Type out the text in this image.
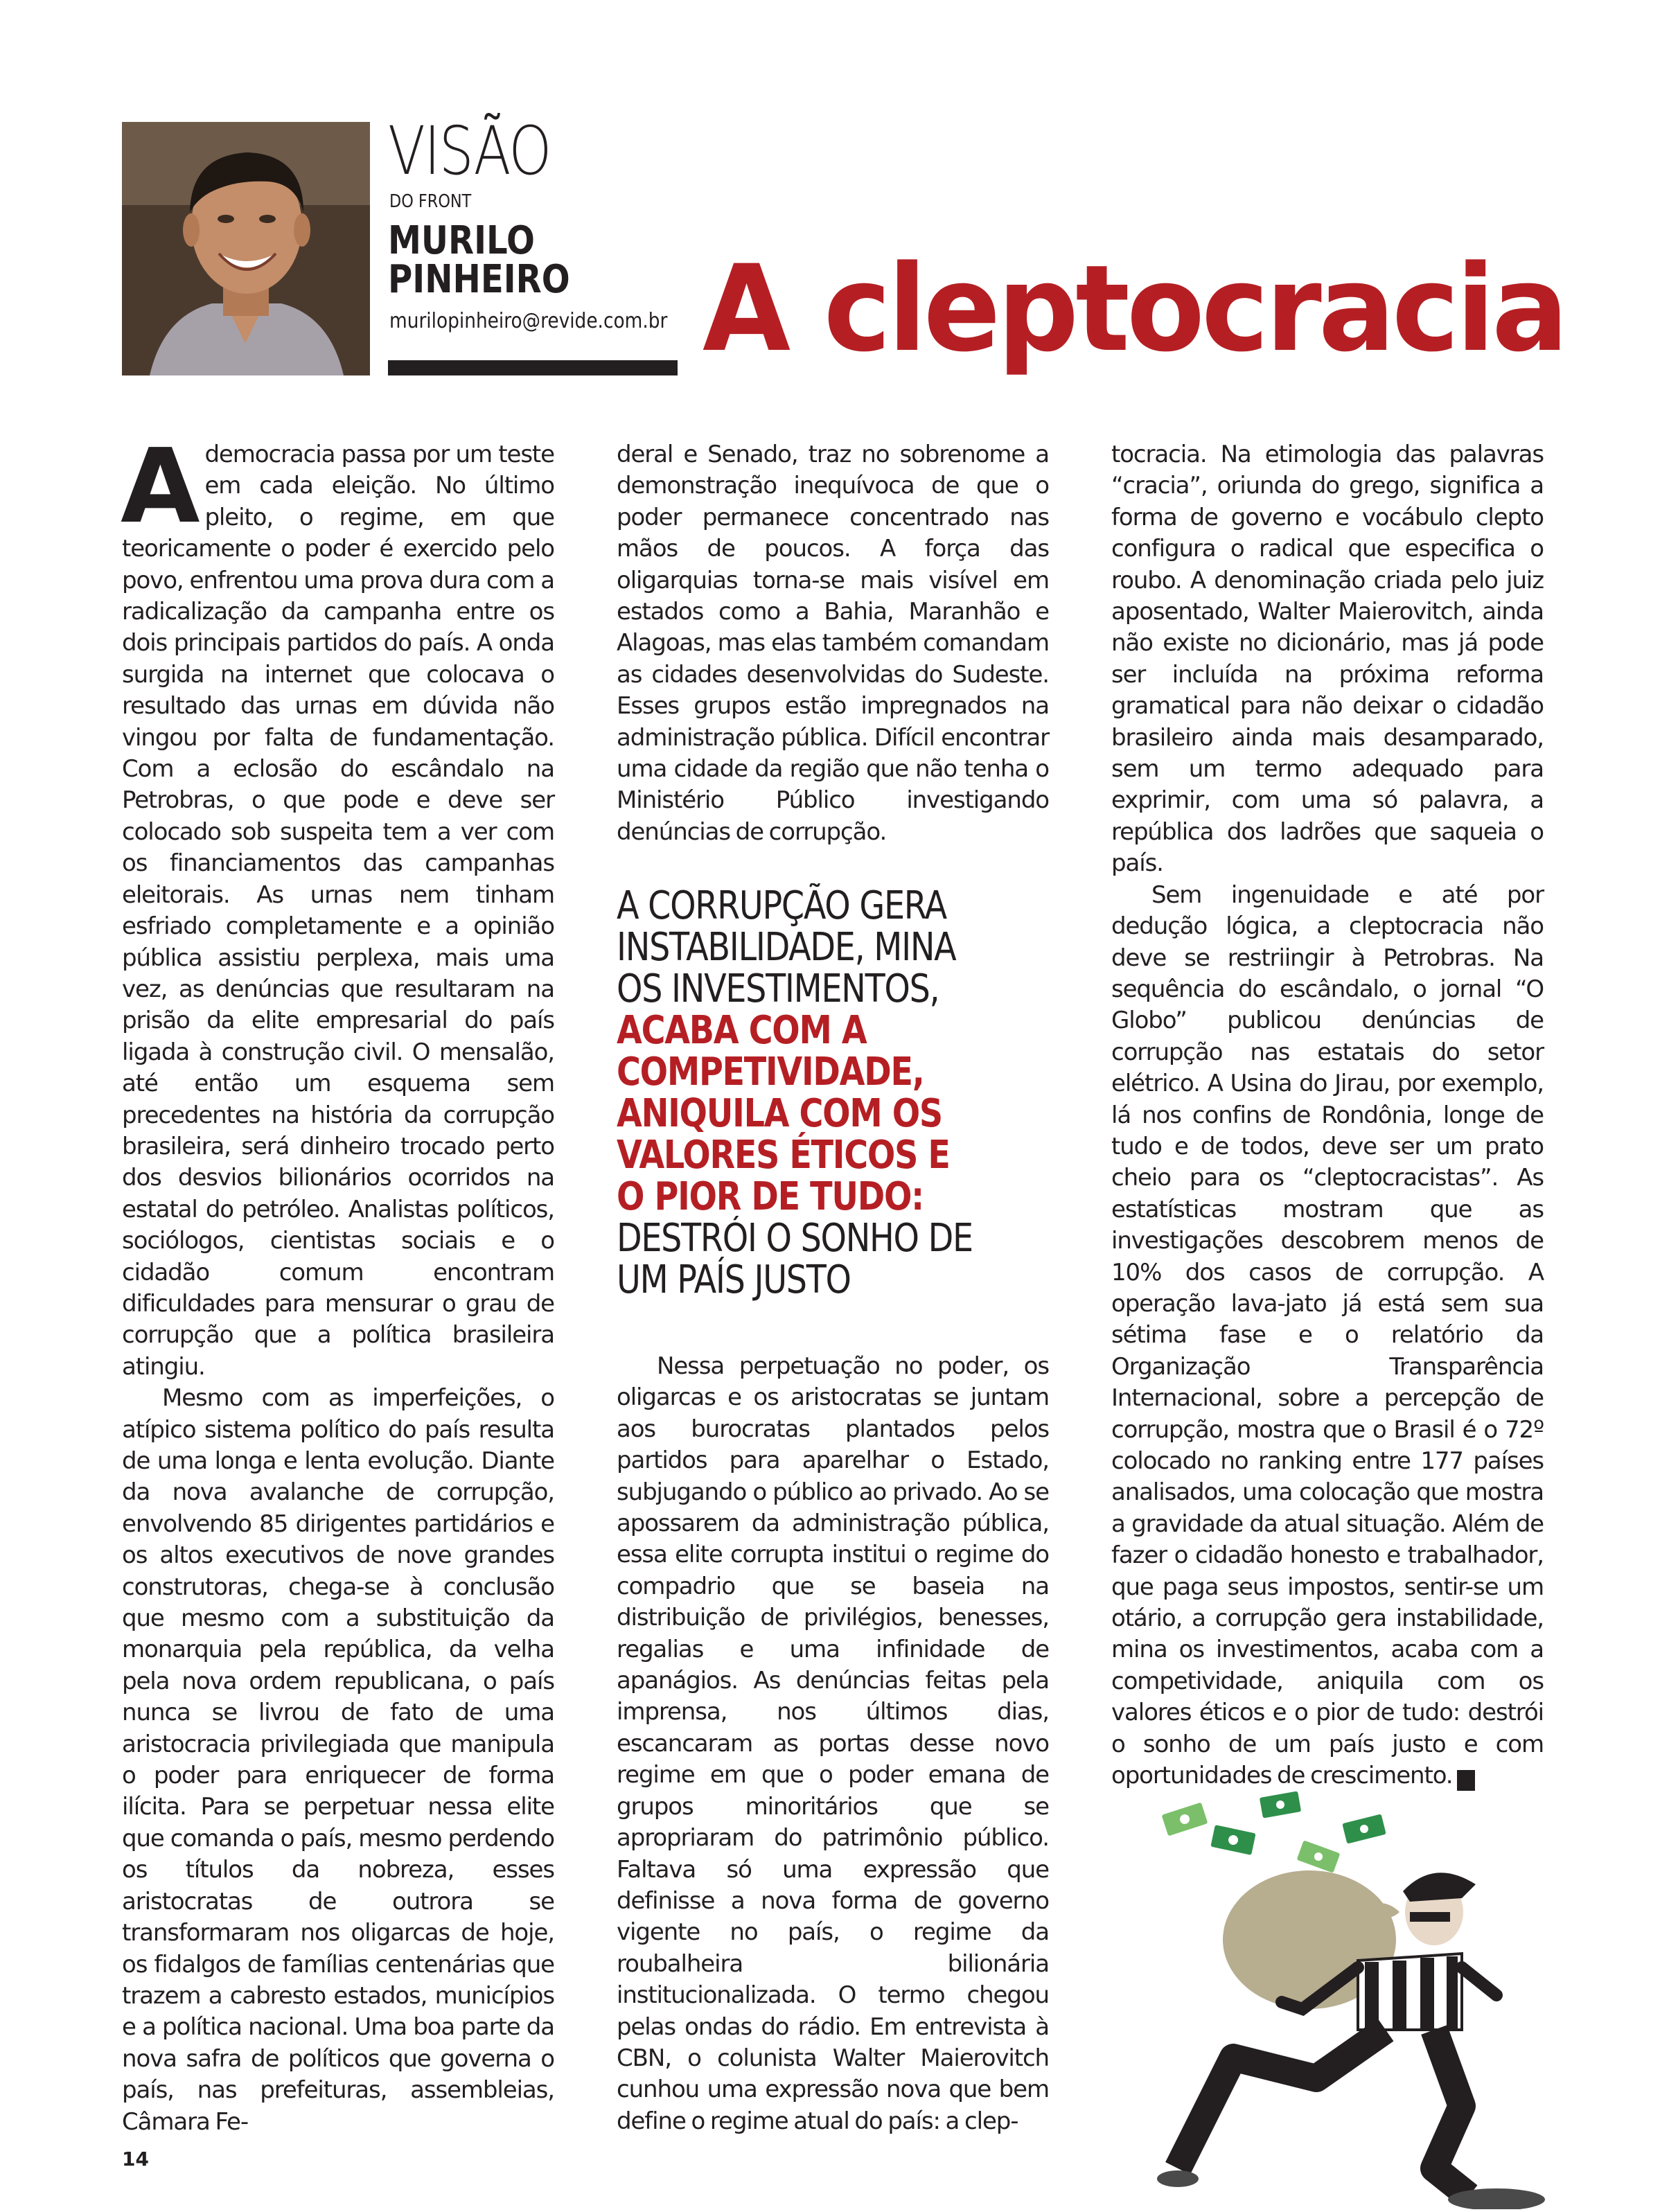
VISÃO
DO FRONT
MURILO
PINHEIRO
murilopinheiro@revide.com.br A cleptocracia
Ademocracia passa por um teste em cada eleição. No último pleito, o regime, em que teoricamente o poder é exercido pelo povo, enfrentou uma prova dura com a radicalização da campanha entre os dois principais partidos do país. A onda surgida na internet que colocava o resultado das urnas em dúvida não vingou por falta de fundamentação. Com a eclosão do escândalo na Petrobras, o que pode e deve ser colocado sob suspeita tem a ver com os financiamentos das campanhas eleitorais. As urnas nem tinham esfriado completamente e a opinião pública assistiu perplexa, mais uma vez, as denúncias que resultaram na prisão da elite empresarial do país ligada à construção civil. O mensalão, até então um esquema sem precedentes na história da corrupção brasileira, será dinheiro trocado perto dos desvios bilionários ocorridos na estatal do petróleo. Analistas políticos, sociólogos, cientistas sociais e o cidadão comum encontram dificuldades para mensurar o grau de corrupção que a política brasileira atingiu.
Mesmo com as imperfeições, o atípico sistema político do país resulta de uma longa e lenta evolução. Diante da nova avalanche de corrupção, envolvendo 85 dirigentes partidários e os altos executivos de nove grandes construtoras, chega-se à conclusão que mesmo com a substituição da monarquia pela república, da velha pela nova ordem republicana, o país nunca se livrou de fato de uma aristocracia privilegiada que manipula o poder para enriquecer de forma ilícita. Para se perpetuar nessa elite que comanda o país, mesmo perdendo os títulos da nobreza, esses aristocratas de outrora se transformaram nos oligarcas de hoje, os fidalgos de famílias centenárias que trazem a cabresto estados, municípios e a política nacional. Uma boa parte da nova safra de políticos que governa o país, nas prefeituras, assembleias, Câmara Fe-
deral e Senado, traz no sobrenome a demonstração inequívoca de que o poder permanece concentrado nas mãos de poucos. A força das oligarquias torna-se mais visível em estados como a Bahia, Maranhão e Alagoas, mas elas também comandam as cidades desenvolvidas do Sudeste. Esses grupos estão impregnados na administração pública. Difícil encontrar uma cidade da região que não tenha o Ministério Público investigando denúncias de corrupção.
A CORRUPÇÃO GERA
INSTABILIDADE, MINA
OS INVESTIMENTOS,
ACABA COM A
COMPETIVIDADE,
ANIQUILA COM OS
VALORES ÉTICOS E
O PIOR DE TUDO:
DESTRÓI O SONHO DE
UM PAÍS JUSTO
Nessa perpetuação no poder, os oligarcas e os aristocratas se juntam aos burocratas plantados pelos partidos para aparelhar o Estado, subjugando o público ao privado. Ao se apossarem da administração pública, essa elite corrupta institui o regime do compadrio que se baseia na distribuição de privilégios, benesses, regalias e uma infinidade de apanágios. As denúncias feitas pela imprensa, nos últimos dias, escancaram as portas desse novo regime em que o poder emana de grupos minoritários que se apropriaram do patrimônio público. Faltava só uma expressão que definisse a nova forma de governo vigente no país, o regime da roubalheira bilionária institucionalizada. O termo chegou pelas ondas do rádio. Em entrevista à CBN, o colunista Walter Maierovitch cunhou uma expressão nova que bem define o regime atual do país: a clep-
tocracia. Na etimologia das palavras “cracia”, oriunda do grego, significa a forma de governo e vocábulo clepto configura o radical que especifica o roubo. A denominação criada pelo juiz aposentado, Walter Maierovitch, ainda não existe no dicionário, mas já pode ser incluída na próxima reforma gramatical para não deixar o cidadão brasileiro ainda mais desamparado, sem um termo adequado para exprimir, com uma só palavra, a república dos ladrões que saqueia o país.
Sem ingenuidade e até por dedução lógica, a cleptocracia não deve se restriingir à Petrobras. Na sequência do escândalo, o jornal “O Globo” publicou denúncias de corrupção nas estatais do setor elétrico. A Usina do Jirau, por exemplo, lá nos confins de Rondônia, longe de tudo e de todos, deve ser um prato cheio para os “cleptocracistas”. As estatísticas mostram que as investigações descobrem menos de 10% dos casos de corrupção. A operação lava-jato já está sem sua sétima fase e o relatório da Organização Transparência Internacional, sobre a percepção de corrupção, mostra que o Brasil é o 72º colocado no ranking entre 177 países analisados, uma colocação que mostra a gravidade da atual situação. Além de fazer o cidadão honesto e trabalhador, que paga seus impostos, sentir-se um otário, a corrupção gera instabilidade, mina os investimentos, acaba com a competividade, aniquila com os valores éticos e o pior de tudo: destrói o sonho de um país justo e com oportunidades de crescimento.	r
14
